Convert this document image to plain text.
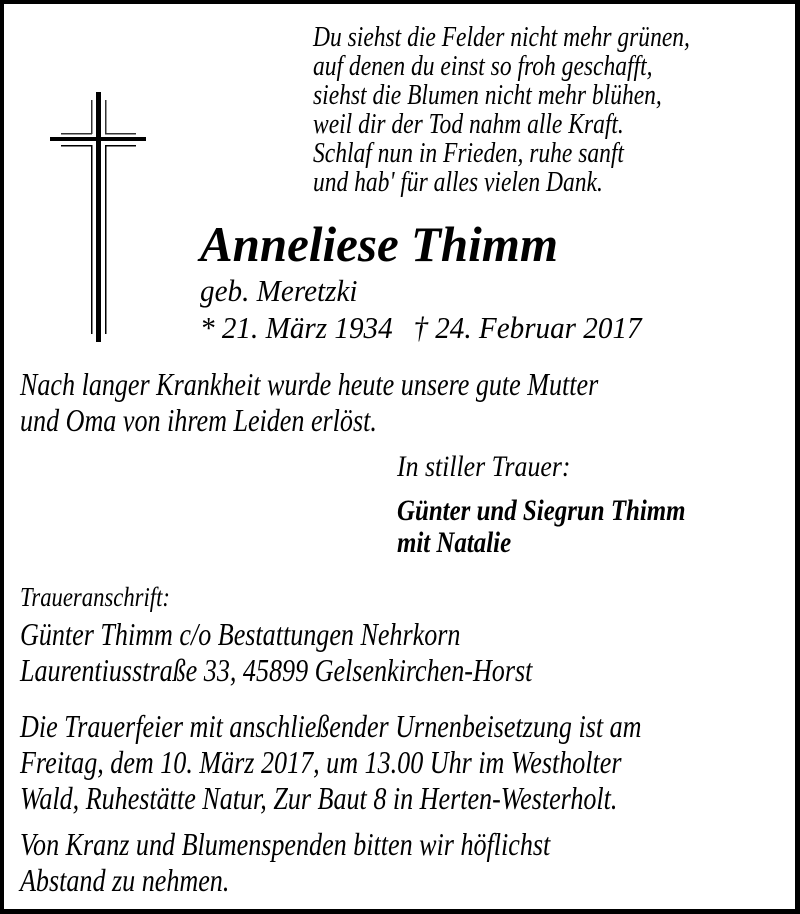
Du siehst die Felder nicht mehr grünen,
auf denen du einst so froh geschafft,
siehst die Blumen nicht mehr blühen,
weil dir der Tod nahm alle Kraft.
Schlaf nun in Frieden, ruhe sanft
und hab' für alles vielen Dank.
Anneliese Thimm
geb. Meretzki
* 21. März 1934 † 24. Februar 2017
Nach langer Krankheit wurde heute unsere gute Mutter
und Oma von ihrem Leiden erlöst.
In stiller Trauer:
Günter und Siegrun Thimm
mit Natalie
Traueranschrift:
Günter Thimm c/o Bestattungen Nehrkorn
Laurentiusstraße 33, 45899 Gelsenkirchen-Horst
Die Trauerfeier mit anschließender Urnenbeisetzung ist am
Freitag, dem 10. März 2017, um 13.00 Uhr im Westholter
Wald, Ruhestätte Natur, Zur Baut 8 in Herten-Westerholt.
Von Kranz und Blumenspenden bitten wir höflichst
Abstand zu nehmen.
